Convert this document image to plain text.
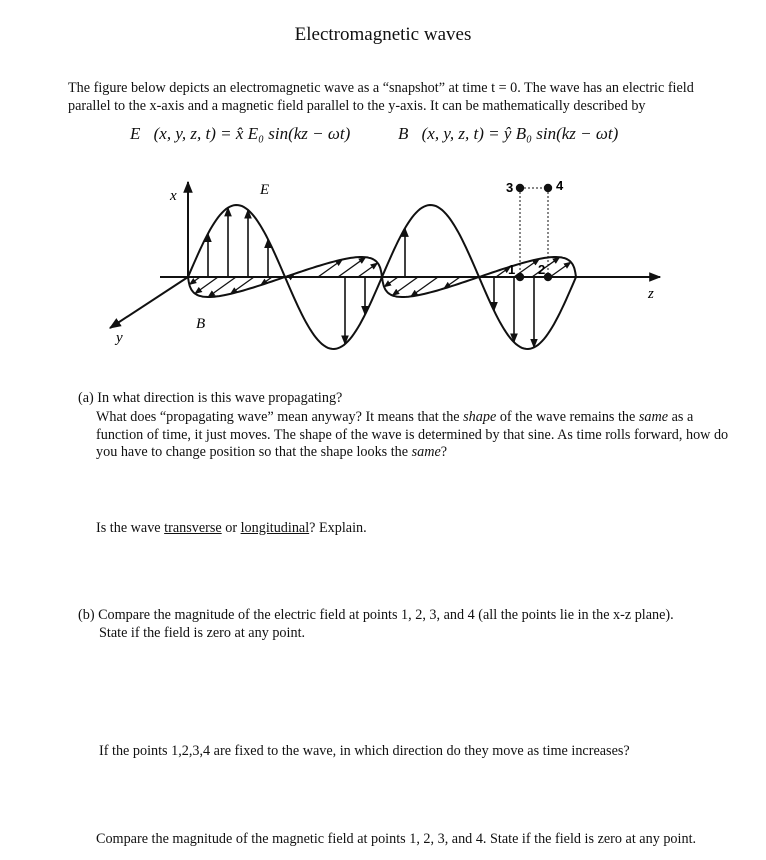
Electromagnetic waves
The figure below depicts an electromagnetic wave as a “snapshot” at time t = 0. The wave has an electric field parallel to the x-axis and a magnetic field parallel to the y-axis. It can be mathematically described by
E⃗(x, y, z, t) = x̂ E₀ sin(kz − ωt)	B⃗(x, y, z, t) = ŷ B₀ sin(kz − ωt)
x
y
z
E⃗
B⃗
1 2
3	4
(a) In what direction is this wave propagating?
What does “propagating wave” mean anyway? It means that the shape of the wave remains the same as a function of time, it just moves. The shape of the wave is determined by that sine. As time rolls forward, how do you have to change position so that the shape looks the same?
Is the wave transverse or longitudinal? Explain.
(b) Compare the magnitude of the electric field at points 1, 2, 3, and 4 (all the points lie in the x-z plane).
State if the field is zero at any point.
If the points 1,2,3,4 are fixed to the wave, in which direction do they move as time increases?
Compare the magnitude of the magnetic field at points 1, 2, 3, and 4. State if the field is zero at any point.
